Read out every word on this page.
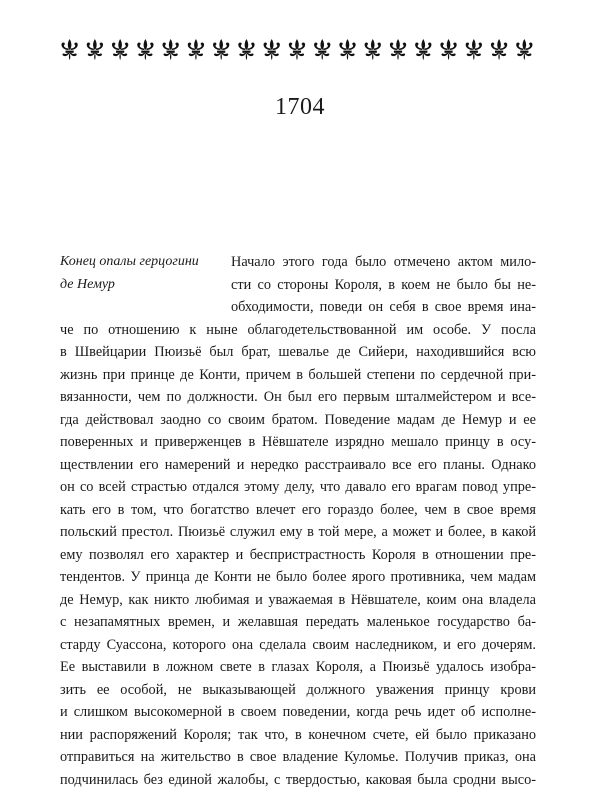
1704
Конец опалы герцогини
де Немур
Начало этого года было отмечено актом мило-
сти со стороны Короля, в коем не было бы не-
обходимости, поведи он себя в свое время ина-
че по отношению к ныне облагодетельствованной им особе. У посла
в Швейцарии Пюизьё был брат, шевалье де Сийери, находившийся всю
жизнь при принце де Конти, причем в большей степени по сердечной при-
вязанности, чем по должности. Он был его первым шталмейстером и все-
гда действовал заодно со своим братом. Поведение мадам де Немур и ее
поверенных и приверженцев в Нёвшателе изрядно мешало принцу в осу-
ществлении его намерений и нередко расстраивало все его планы. Однако
он со всей страстью отдался этому делу, что давало его врагам повод упре-
кать его в том, что богатство влечет его гораздо более, чем в свое время
польский престол. Пюизьё служил ему в той мере, а может и более, в какой
ему позволял его характер и беспристрастность Короля в отношении пре-
тендентов. У принца де Конти не было более ярого противника, чем мадам
де Немур, как никто любимая и уважаемая в Нёвшателе, коим она владела
с незапамятных времен, и желавшая передать маленькое государство ба-
старду Суассона, которого она сделала своим наследником, и его дочерям.
Ее выставили в ложном свете в глазах Короля, а Пюизьё удалось изобра-
зить ее особой, не выказывающей должного уважения принцу крови
и слишком высокомерной в своем поведении, когда речь идет об исполне-
нии распоряжений Короля; так что, в конечном счете, ей было приказано
отправиться на жительство в свое владение Куломье. Получив приказ, она
подчинилась без единой жалобы, с твердостью, каковая была сродни высо-
